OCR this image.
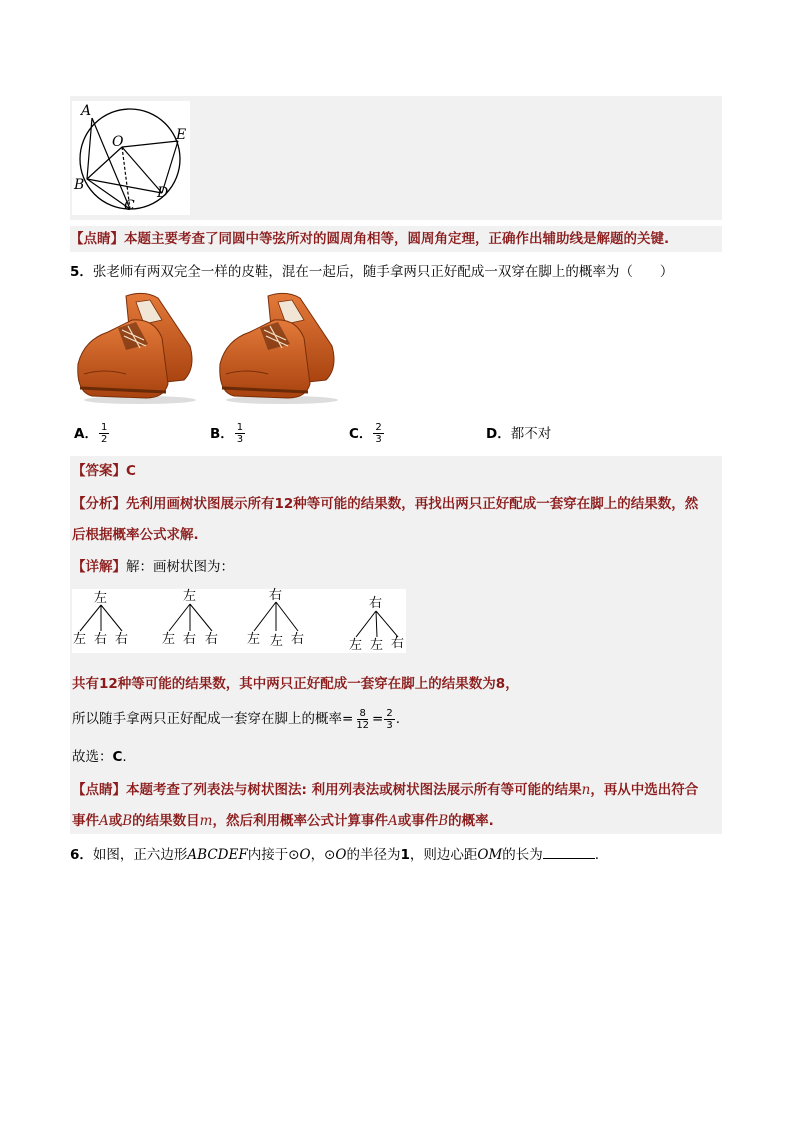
A
O	E
B	D
C
【点睛】本题主要考查了同圆中等弦所对的圆周角相等，圆周角定理，正确作出辅助线是解题的关键.
5．张老师有两双完全一样的皮鞋，混在一起后，随手拿两只正好配成一双穿在脚上的概率为（　　）
A． $\frac{1}{2}$	B． $\frac{1}{3}$	C． $\frac{2}{3}$	D． 都不对
【答案】C
【分析】先利用画树状图展示所有12种等可能的结果数，再找出两只正好配成一套穿在脚上的结果数，然
后根据概率公式求解.
【详解】解：画树状图为：
左
左 右 右
左
左 右 右
右
左 左 右
右
左 左 右
共有12种等可能的结果数，其中两只正好配成一套穿在脚上的结果数为8，
所以随手拿两只正好配成一套穿在脚上的概率= $\frac{8}{12} = \frac{2}{3}$ .
故选：C.
【点睛】本题考查了列表法与树状图法: 利用列表法或树状图法展示所有等可能的结果n，再从中选出符合
事件A或B的结果数目m，然后利用概率公式计算事件A或事件B的概率.
6．如图，正六边形ABCDEF内接于⊙O，⊙O的半径为1，则边心距OM的长为	.
